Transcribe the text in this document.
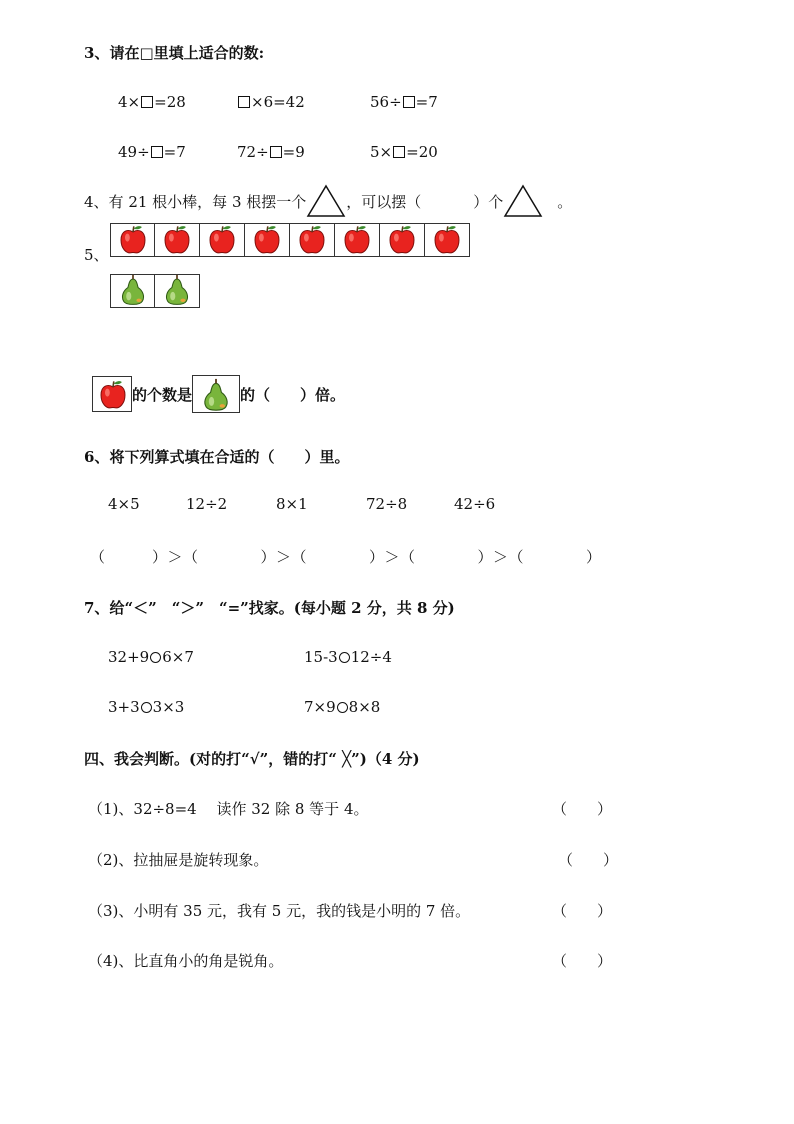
3、请在□里填上适合的数:
4× =28	×6=42	56÷ =7
49÷ =7	72÷ =9	5× =20
4、 有 21 根小棒，每 3 根摆一个	，可以摆（	）个	。
5、
的个数是	的（　　）倍。
6、将下列算式填在合适的（　　）里。
4×5	12÷2	8×1	72÷8	42÷6
（　　　）＞（　　　　）＞（　　　　）＞（　　　　）＞（　　　　）
7、给“＜”　“＞”　“=”找家。(每小题 2 分，共 8 分)
32+9 6×7	15-3 12÷4
3+3 3×3	7×9 8×8
四、我会判断。(对的打“√”，错的打“ ╳”)（4 分)
（1)、32÷8=4　 读作 32 除 8 等于 4。	（　　）
（2)、拉抽屉是旋转现象。	（　　）
（3)、小明有 35 元，我有 5 元，我的钱是小明的 7 倍。	（　　）
（4)、比直角小的角是锐角。	（　　）
